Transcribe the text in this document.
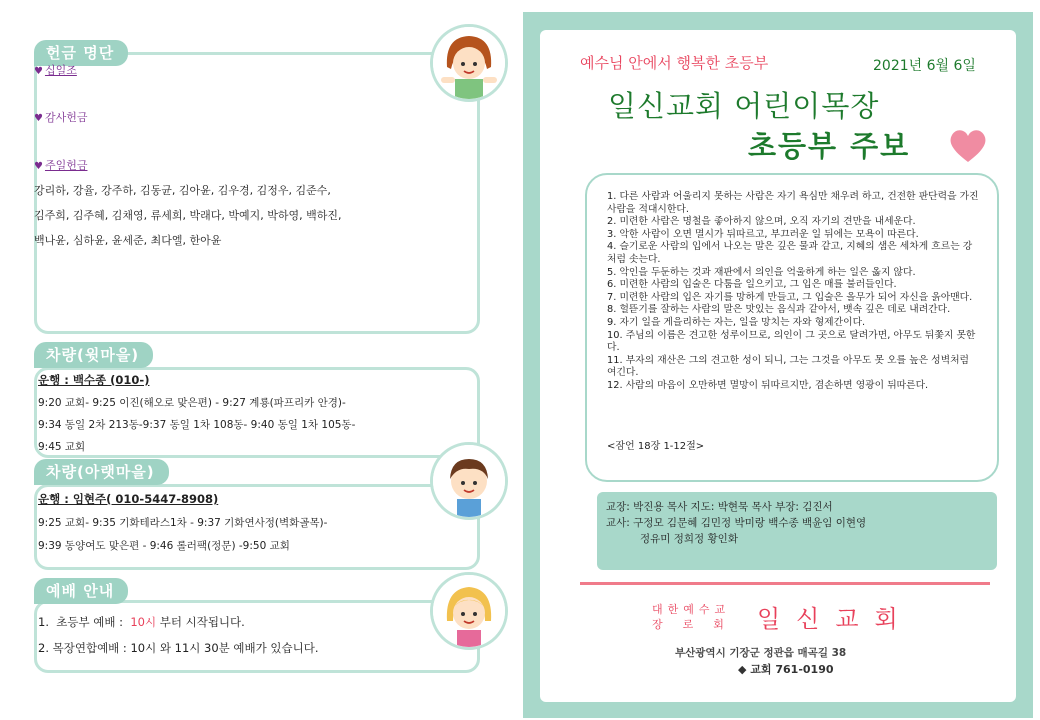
헌금 명단
♥ 십일조
♥ 감사헌금
♥ 주일헌금
강리하, 강율, 강주하, 김동균, 김아윤, 김우경, 김정우, 김준수,
김주희, 김주혜, 김채영, 류세희, 박래다, 박예지, 박하영, 백하진,
백나윤, 심하윤, 윤세준, 최다엘, 한아윤
차량(윗마을)
운행 : 백수종 (010-)
9:20 교회- 9:25 이진(해오로 맞은편) - 9:27 계룡(파프리카 안경)-
9:34 동일 2차 213동-9:37 동일 1차 108동- 9:40 동일 1차 105동-
9:45 교회
차량(아랫마을)
운행 : 임현주( 010-5447-8908)
9:25 교회- 9:35 기화테라스1차 - 9:37 기화연사정(벽화골목)-
9:39 동양여도 맞은편 - 9:46 롤러팩(정문) -9:50 교회
예배 안내
1.  초등부 예배 :  10시 부터 시작됩니다.
2. 목장연합예배 : 10시 와 11시 30분 예배가 있습니다.
예수님 안에서 행복한 초등부	2021년 6월 6일
일신교회 어린이목장
초등부 주보
1. 다른 사람과 어울리지 못하는 사람은 자기 욕심만 채우려 하고, 건전한 판단력을 가진 사람을 적대시한다.
2. 미련한 사람은 명철을 좋아하지 않으며, 오직 자기의 견만을 내세운다.
3. 악한 사람이 오면 멸시가 뒤따르고, 부끄러운 일 뒤에는 모욕이 따른다.
4. 슬기로운 사람의 입에서 나오는 말은 깊은 물과 같고, 지혜의 샘은 세차게 흐르는 강처럼 솟는다.
5. 악인을 두둔하는 것과 재판에서 의인을 억울하게 하는 일은 옳지 않다.
6. 미련한 사람의 입술은 다툼을 일으키고, 그 입은 매를 불러들인다.
7. 미련한 사람의 입은 자기를 망하게 만들고, 그 입술은 올무가 되어 자신을 옭아맨다.
8. 헐뜯기를 잘하는 사람의 말은 맛있는 음식과 같아서, 뱃속 깊은 데로 내려간다.
9. 자기 일을 게을리하는 자는, 일을 망치는 자와 형제간이다.
10. 주님의 이름은 견고한 성루이므로, 의인이 그 곳으로 달려가면, 아무도 뒤쫓지 못한다.
11. 부자의 재산은 그의 견고한 성이 되니, 그는 그것을 아무도 못 오를 높은 성벽처럼 여긴다.
12. 사람의 마음이 오만하면 멸망이 뒤따르지만, 겸손하면 영광이 뒤따른다.
<잠언 18장 1-12절>
교장: 박진용 목사 지도: 박현묵 목사 부장: 김진서
교사: 구정모 김문혜 김민정 박미랑 백수종 백윤임 이현영
정유미 정희정 황인화
대한예수교
장로회 일신교회
부산광역시 기장군 정관읍 매곡길 38
◆ 교회 761-0190
